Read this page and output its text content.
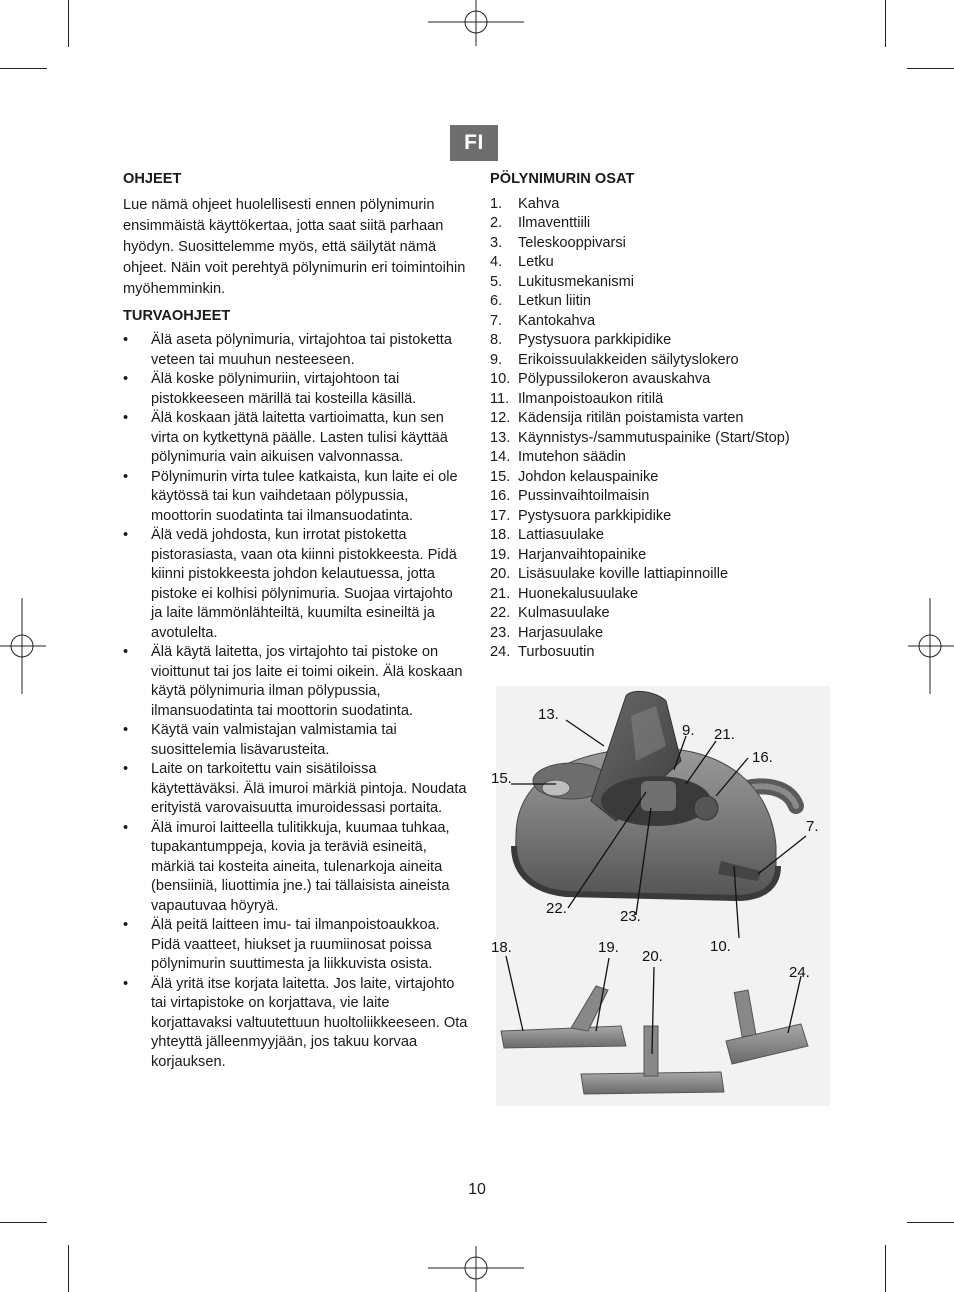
FI
OHJEET

Lue nämä ohjeet huolellisesti ennen pölynimurin ensimmäistä käyttökertaa, jotta saat siitä parhaan hyödyn. Suosittelemme myös, että säilytät nämä ohjeet. Näin voit perehtyä pölynimurin eri toimintoihin myöhemminkin.

TURVAOHJEET
• Älä aseta pölynimuria, virtajohtoa tai pistoketta veteen tai muuhun nesteeseen.
• Älä koske pölynimuriin, virtajohtoon tai pistokkeeseen märillä tai kosteilla käsillä.
• Älä koskaan jätä laitetta vartioimatta, kun sen virta on kytkettynä päälle. Lasten tulisi käyttää pölynimuria vain aikuisen valvonnassa.
• Pölynimurin virta tulee katkaista, kun laite ei ole käytössä tai kun vaihdetaan pölypussia, moottorin suodatinta tai ilmansuodatinta.
• Älä vedä johdosta, kun irrotat pistoketta pistorasiasta, vaan ota kiinni pistokkeesta. Pidä kiinni pistokkeesta johdon kelautuessa, jotta pistoke ei kolhisi pölynimuria. Suojaa virtajohto ja laite lämmönlähteiltä, kuumilta esineiltä ja avotulelta.
• Älä käytä laitetta, jos virtajohto tai pistoke on vioittunut tai jos laite ei toimi oikein. Älä koskaan käytä pölynimuria ilman pölypussia, ilmansuodatinta tai moottorin suodatinta.
• Käytä vain valmistajan valmistamia tai suosittelemia lisävarusteita.
• Laite on tarkoitettu vain sisätiloissa käytettäväksi. Älä imuroi märkiä pintoja. Noudata erityistä varovaisuutta imuroidessasi portaita.
• Älä imuroi laitteella tulitikkuja, kuumaa tuhkaa, tupakantumppeja, kovia ja teräviä esineitä, märkiä tai kosteita aineita, tulenarkoja aineita (bensiiniä, liuottimia jne.) tai tällaisista aineista vapautuvaa höyryä.
• Älä peitä laitteen imu- tai ilmanpoistoaukkoa. Pidä vaatteet, hiukset ja ruumiinosat poissa pölynimurin suuttimesta ja liikkuvista osista.
• Älä yritä itse korjata laitetta. Jos laite, virtajohto tai virtapistoke on korjattava, vie laite korjattavaksi valtuutettuun huoltoliikkeeseen. Ota yhteyttä jälleenmyyjään, jos takuu korvaa korjauksen.
PÖLYNIMURIN OSAT
1. Kahva
2. Ilmaventtiili
3. Teleskooppivarsi
4. Letku
5. Lukitusmekanismi
6. Letkun liitin
7. Kantokahva
8. Pystysuora parkkipidike
9. Erikoissuulakkeiden säilytyslokero
10. Pölypussilokeron avauskahva
11. Ilmanpoistoaukon ritilä
12. Kädensija ritilän poistamista varten
13. Käynnistys-/sammutuspainike (Start/Stop)
14. Imutehon säädin
15. Johdon kelauspainike
16. Pussinvaihtoilmaisin
17. Pystysuora parkkipidike
18. Lattiasuulake
19. Harjanvaihtopainike
20. Lisäsuulake koville lattiapinnoille
21. Huonekalusuulake
22. Kulmasuulake
23. Harjasuulake
24. Turbosuutin
13.
9. 21.
16.
15.
7.
22.	23.
18.	19.
20.
10.
24.
10
